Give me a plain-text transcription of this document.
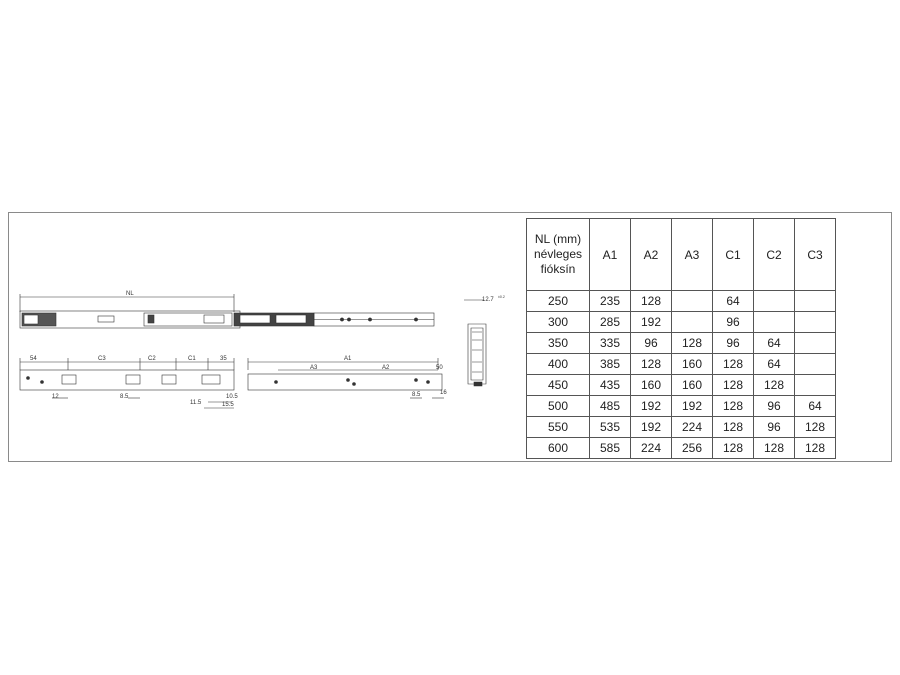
NL
12.7 ±0.2
54	C3	C2	C1	35
12	8.5
11.5
10.5
15.5
A1
A3	A2	50
8.5	16
NL (mm)
névleges
fióksín	A1	A2	A3	C1	C2	C3
250	235	128		64		
300	285	192		96		
350	335	96	128	96	64	
400	385	128	160	128	64	
450	435	160	160	128	128	
500	485	192	192	128	96	64
550	535	192	224	128	96	128
600	585	224	256	128	128	128
